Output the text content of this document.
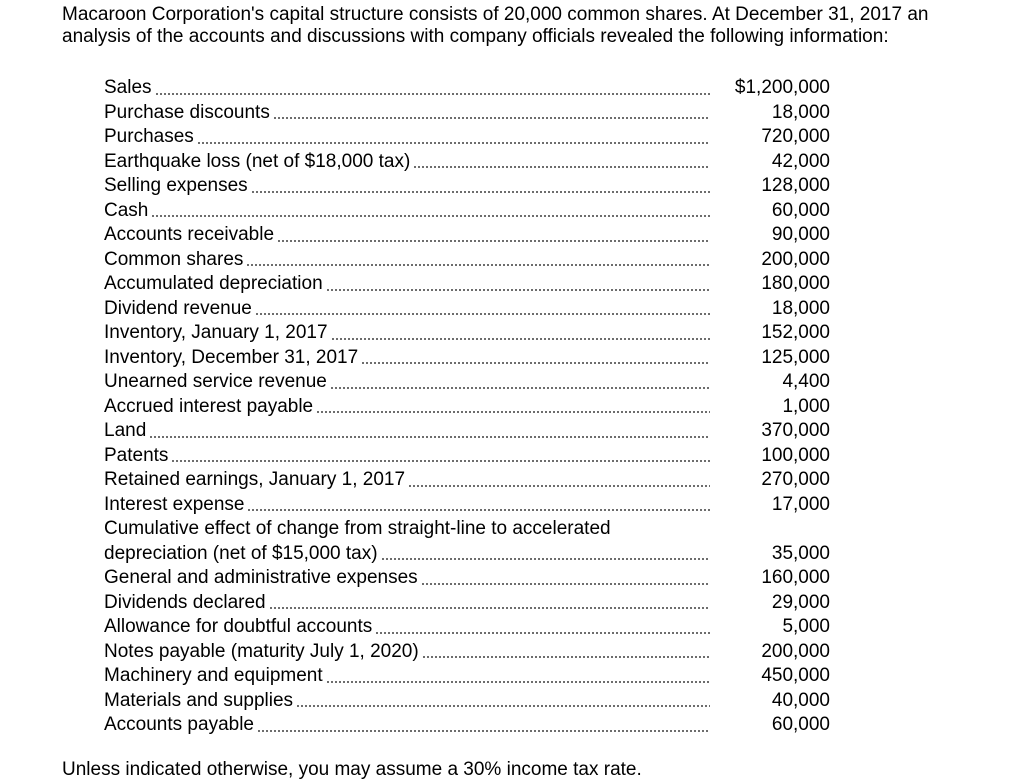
Macaroon Corporation's capital structure consists of 20,000 common shares. At December 31, 2017 an analysis of the accounts and discussions with company officials revealed the following information:

Sales	$1,200,000
Purchase discounts	18,000
Purchases	720,000
Earthquake loss (net of $18,000 tax)	42,000
Selling expenses	128,000
Cash	60,000
Accounts receivable	90,000
Common shares	200,000
Accumulated depreciation	180,000
Dividend revenue	18,000
Inventory, January 1, 2017	152,000
Inventory, December 31, 2017	125,000
Unearned service revenue	4,400
Accrued interest payable	1,000
Land	370,000
Patents	100,000
Retained earnings, January 1, 2017	270,000
Interest expense	17,000
Cumulative effect of change from straight-line to accelerated
depreciation (net of $15,000 tax)	35,000
General and administrative expenses	160,000
Dividends declared	29,000
Allowance for doubtful accounts	5,000
Notes payable (maturity July 1, 2020)	200,000
Machinery and equipment	450,000
Materials and supplies	40,000
Accounts payable	60,000

Unless indicated otherwise, you may assume a 30% income tax rate.
